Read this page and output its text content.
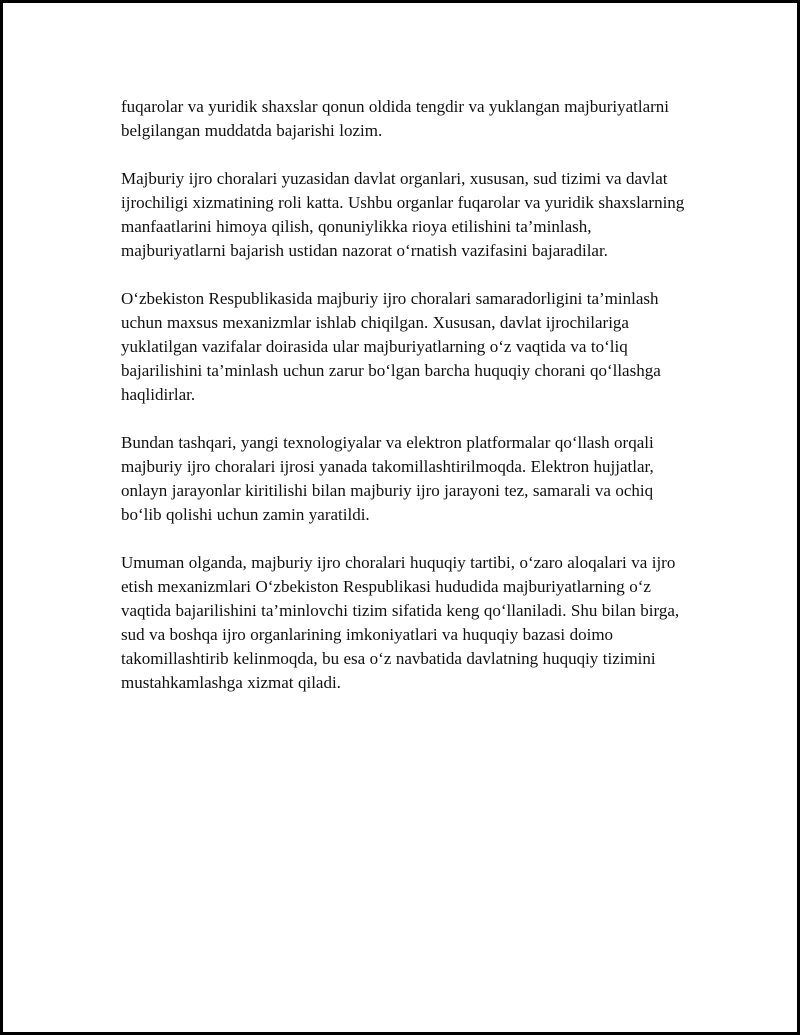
fuqarolar va yuridik shaxslar qonun oldida tengdir va yuklangan majburiyatlarni belgilangan muddatda bajarishi lozim.

Majburiy ijro choralari yuzasidan davlat organlari, xususan, sud tizimi va davlat ijrochiligi xizmatining roli katta. Ushbu organlar fuqarolar va yuridik shaxslarning manfaatlarini himoya qilish, qonuniylikka rioya etilishini ta’minlash, majburiyatlarni bajarish ustidan nazorat o‘rnatish vazifasini bajaradilar.

O‘zbekiston Respublikasida majburiy ijro choralari samaradorligini ta’minlash uchun maxsus mexanizmlar ishlab chiqilgan. Xususan, davlat ijrochilariga yuklatilgan vazifalar doirasida ular majburiyatlarning o‘z vaqtida va to‘liq bajarilishini ta’minlash uchun zarur bo‘lgan barcha huquqiy chorani qo‘llashga haqlidirlar.

Bundan tashqari, yangi texnologiyalar va elektron platformalar qo‘llash orqali majburiy ijro choralari ijrosi yanada takomillashtirilmoqda. Elektron hujjatlar, onlayn jarayonlar kiritilishi bilan majburiy ijro jarayoni tez, samarali va ochiq bo‘lib qolishi uchun zamin yaratildi.

Umuman olganda, majburiy ijro choralari huquqiy tartibi, o‘zaro aloqalari va ijro etish mexanizmlari O‘zbekiston Respublikasi hududida majburiyatlarning o‘z vaqtida bajarilishini ta’minlovchi tizim sifatida keng qo‘llaniladi. Shu bilan birga, sud va boshqa ijro organlarining imkoniyatlari va huquqiy bazasi doimo takomillashtirib kelinmoqda, bu esa o‘z navbatida davlatning huquqiy tizimini mustahkamlashga xizmat qiladi.
